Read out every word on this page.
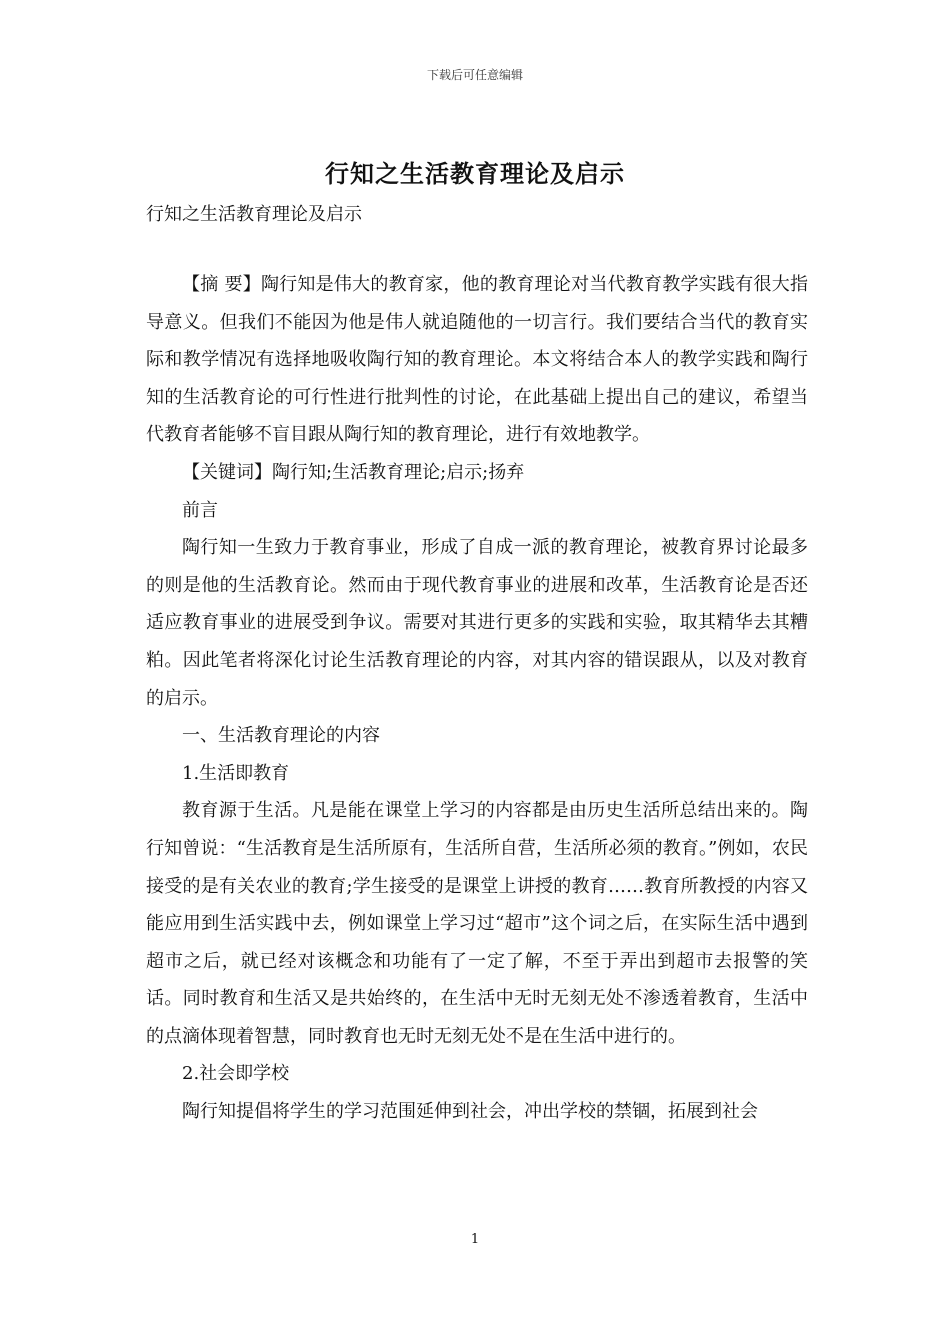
下载后可任意编辑
行知之生活教育理论及启示
行知之生活教育理论及启示

【摘 要】陶行知是伟大的教育家，他的教育理论对当代教育教学实践有很大指导意义。但我们不能因为他是伟人就追随他的一切言行。我们要结合当代的教育实际和教学情况有选择地吸收陶行知的教育理论。本文将结合本人的教学实践和陶行知的生活教育论的可行性进行批判性的讨论，在此基础上提出自己的建议，希望当代教育者能够不盲目跟从陶行知的教育理论，进行有效地教学。

【关键词】陶行知;生活教育理论;启示;扬弃

前言

陶行知一生致力于教育事业，形成了自成一派的教育理论，被教育界讨论最多的则是他的生活教育论。然而由于现代教育事业的进展和改革，生活教育论是否还适应教育事业的进展受到争议。需要对其进行更多的实践和实验，取其精华去其糟粕。因此笔者将深化讨论生活教育理论的内容，对其内容的错误跟从，以及对教育的启示。

一、生活教育理论的内容

1.生活即教育

教育源于生活。凡是能在课堂上学习的内容都是由历史生活所总结出来的。陶行知曾说：“生活教育是生活所原有，生活所自营，生活所必须的教育。”例如，农民接受的是有关农业的教育;学生接受的是课堂上讲授的教育……教育所教授的内容又能应用到生活实践中去，例如课堂上学习过“超市”这个词之后，在实际生活中遇到超市之后，就已经对该概念和功能有了一定了解，不至于弄出到超市去报警的笑话。同时教育和生活又是共始终的，在生活中无时无刻无处不渗透着教育，生活中的点滴体现着智慧，同时教育也无时无刻无处不是在生活中进行的。

2.社会即学校

陶行知提倡将学生的学习范围延伸到社会，冲出学校的禁锢，拓展到社会

1
